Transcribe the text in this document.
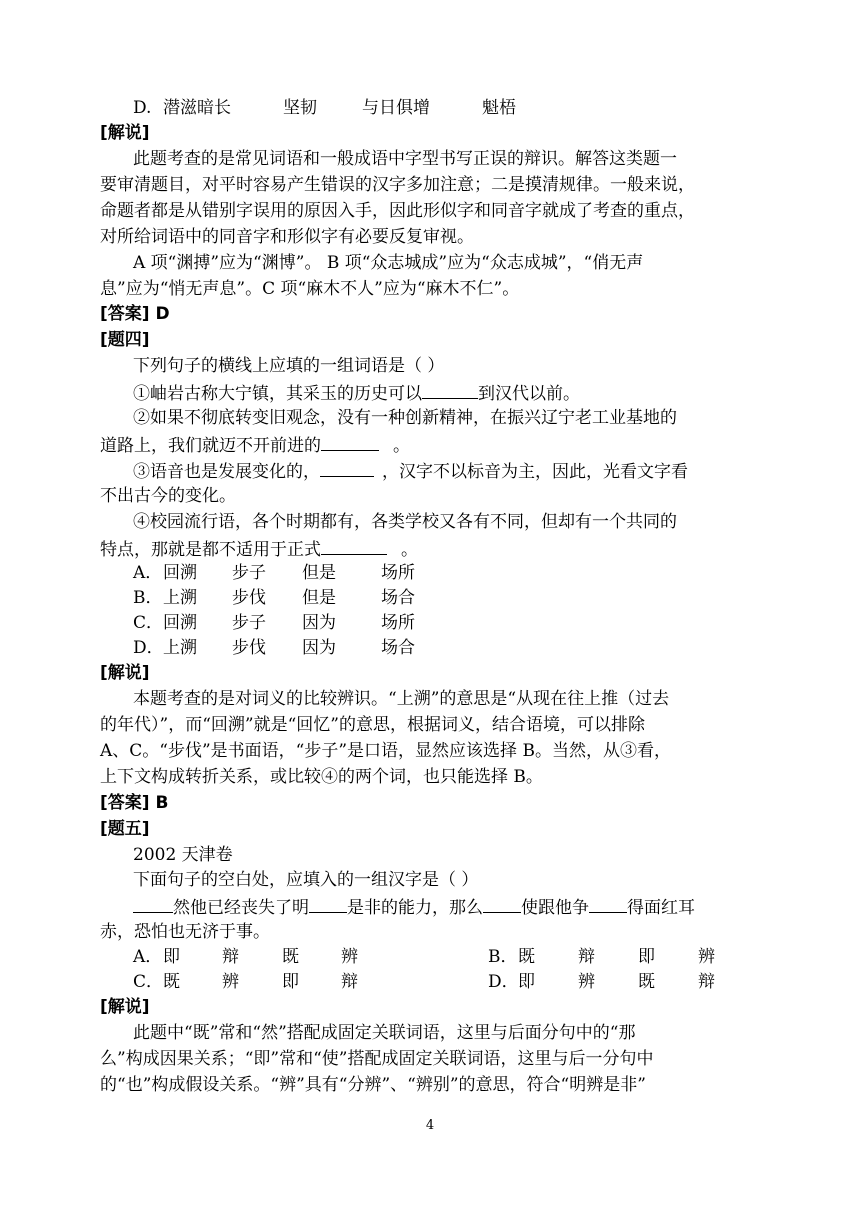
D. 潜滋暗长	坚韧	与日俱增	魁梧
[解说]
此题考查的是常见词语和一般成语中字型书写正误的辩识。解答这类题一
要审清题目，对平时容易产生错误的汉字多加注意；二是摸清规律。一般来说，
命题者都是从错别字误用的原因入手，因此形似字和同音字就成了考查的重点，
对所给词语中的同音字和形似字有必要反复审视。
A 项“渊搏”应为“渊博”。 B 项“众志城成”应为“众志成城”，“俏无声
息”应为“悄无声息”。C 项“麻木不人”应为“麻木不仁”。
[答案] D
[题四]
下列句子的横线上应填的一组词语是（ ）
①岫岩古称大宁镇，其采玉的历史可以	到汉代以前。
②如果不彻底转变旧观念，没有一种创新精神，在振兴辽宁老工业基地的
道路上，我们就迈不开前进的	。
③语音也是发展变化的，	，汉字不以标音为主，因此，光看文字看
不出古今的变化。
④校园流行语，各个时期都有，各类学校又各有不同，但却有一个共同的
特点，那就是都不适用于正式	。
A． 回溯 步子 但是	场所
B． 上溯 步伐 但是	场合
C． 回溯 步子 因为	场所
D． 上溯 步伐 因为	场合
[解说]
本题考查的是对词义的比较辨识。“上溯”的意思是“从现在往上推（过去
的年代）”，而“回溯”就是“回忆”的意思，根据词义，结合语境，可以排除
A、C。“步伐”是书面语，“步子”是口语，显然应该选择 B。当然，从③看，
上下文构成转折关系，或比较④的两个词，也只能选择 B。
[答案] B
[题五]
2002 天津卷
下面句子的空白处，应填入的一组汉字是（ ）
然他已经丧失了明 是非的能力，那么 使跟他争 得面红耳
赤，恐怕也无济于事。
A． 即 辩	既 辨	B． 既	辩	即	辨
C． 既 辨	即 辩	D． 即	辨	既	辩
[解说]
此题中“既”常和“然”搭配成固定关联词语，这里与后面分句中的“那
么”构成因果关系；“即”常和“使”搭配成固定关联词语，这里与后一分句中
的“也”构成假设关系。“辨”具有“分辨”、“辨别”的意思，符合“明辨是非”
4
